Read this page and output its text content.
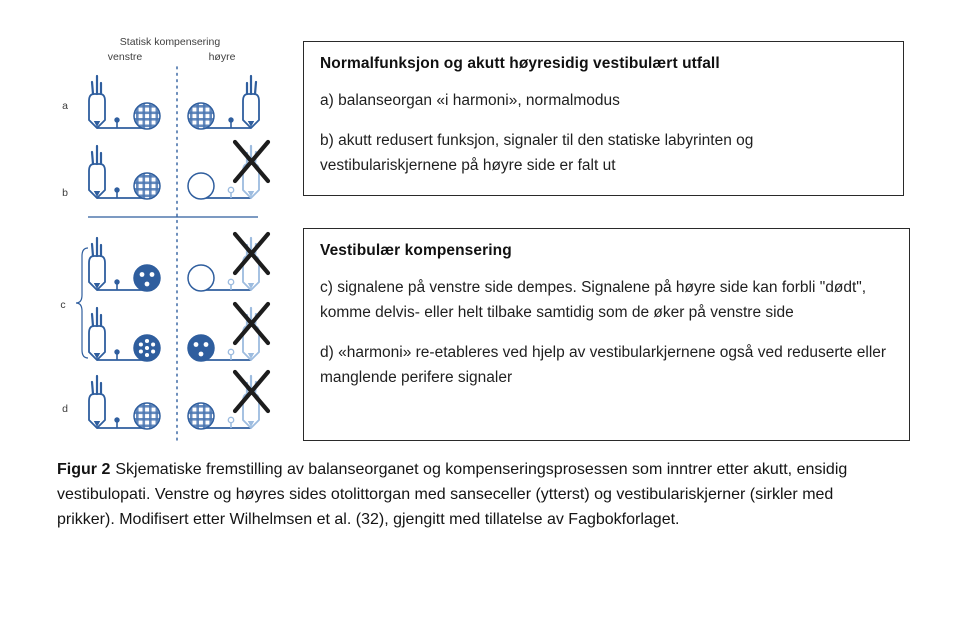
Statisk kompensering
venstre	høyre
a
b
c
d
Normalfunksjon og akutt høyresidig vestibulært utfall

a) balanseorgan «i harmoni», normalmodus

b) akutt redusert funksjon, signaler til den statiske labyrinten og vestibulariskjernene på høyre side er falt ut

Vestibulær kompensering

c) signalene på venstre side dempes. Signalene på høyre side kan forbli "dødt", komme delvis- eller helt tilbake samtidig som de øker på venstre side

d) «harmoni» re-etableres ved hjelp av vestibularkjernene også ved reduserte eller manglende perifere signaler

Figur 2 Skjematiske fremstilling av balanseorganet og kompenseringsprosessen som inntrer etter akutt, ensidig vestibulopati. Venstre og høyres sides otolittorgan med sanseceller (ytterst) og vestibulariskjerner (sirkler med prikker). Modifisert etter Wilhelmsen et al. (32), gjengitt med tillatelse av Fagbokforlaget.
